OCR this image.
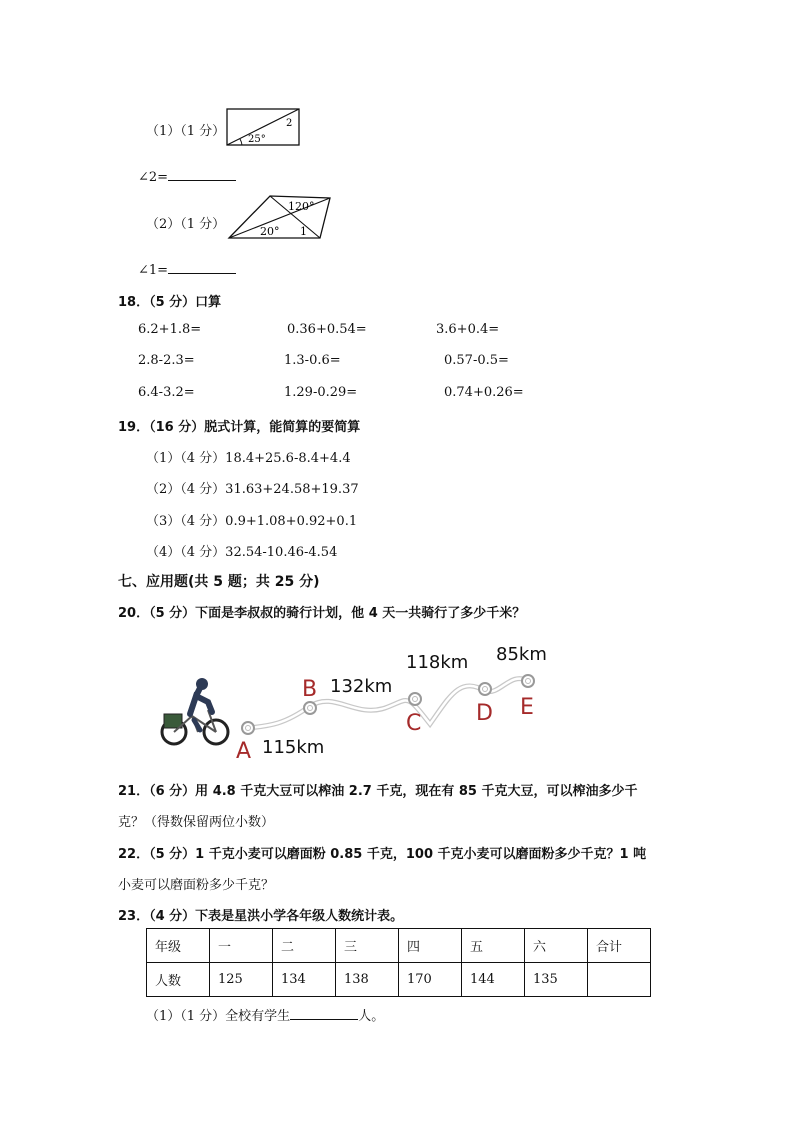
（1）（1 分）
25°
2
∠2=
（2）（1 分）
120°
20° 1
∠1=
18．（5 分）口算
6.2+1.8=	0.36+0.54=	3.6+0.4=
2.8-2.3=	1.3-0.6=	0.57-0.5=
6.4-3.2=	1.29-0.29=	0.74+0.26=
19．（16 分）脱式计算，能简算的要简算
（1）（4 分）18.4+25.6-8.4+4.4
（2）（4 分）31.63+24.58+19.37
（3）（4 分）0.9+1.08+0.92+0.1
（4）（4 分）32.54-10.46-4.54
七、应用题(共 5 题；共 25 分)
20．（5 分）下面是李叔叔的骑行计划，他 4 天一共骑行了多少千米？
A
B
C D E
115km
132km
118km 85km
21．（6 分）用 4.8 千克大豆可以榨油 2.7 千克，现在有 85 千克大豆，可以榨油多少千
克？（得数保留两位小数）
22．（5 分）1 千克小麦可以磨面粉 0.85 千克，100 千克小麦可以磨面粉多少千克？1 吨
小麦可以磨面粉多少千克？
23．（4 分）下表是星洪小学各年级人数统计表。
年级	一	二	三	四	五	六	合计
人数	125	134	138	170	144	135	
（1）（1 分）全校有学生	人。
